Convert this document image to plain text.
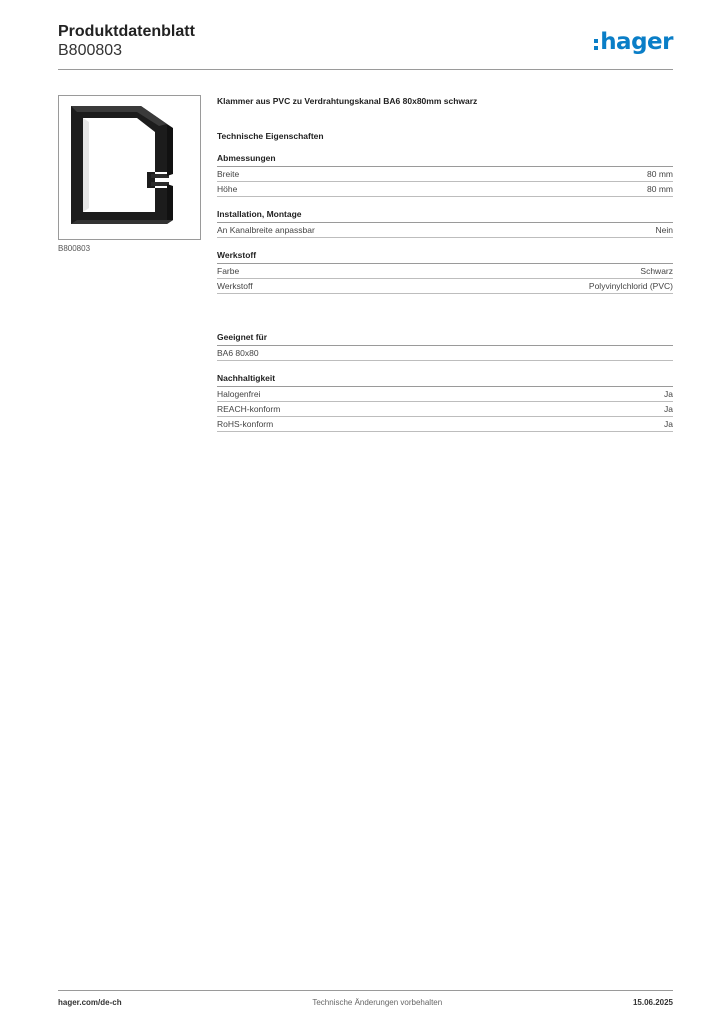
Produktdatenblatt
B800803	hager
B800803
Klammer aus PVC zu Verdrahtungskanal BA6 80x80mm schwarz
Technische Eigenschaften
Abmessungen
Breite	80 mm
Höhe	80 mm
Installation, Montage
An Kanalbreite anpassbar	Nein
Werkstoff
Farbe	Schwarz
Werkstoff	Polyvinylchlorid (PVC)
Geeignet für
BA6 80x80
Nachhaltigkeit
Halogenfrei	Ja
REACH-konform	Ja
RoHS-konform	Ja
hager.com/de-ch	Technische Änderungen vorbehalten	15.06.2025
